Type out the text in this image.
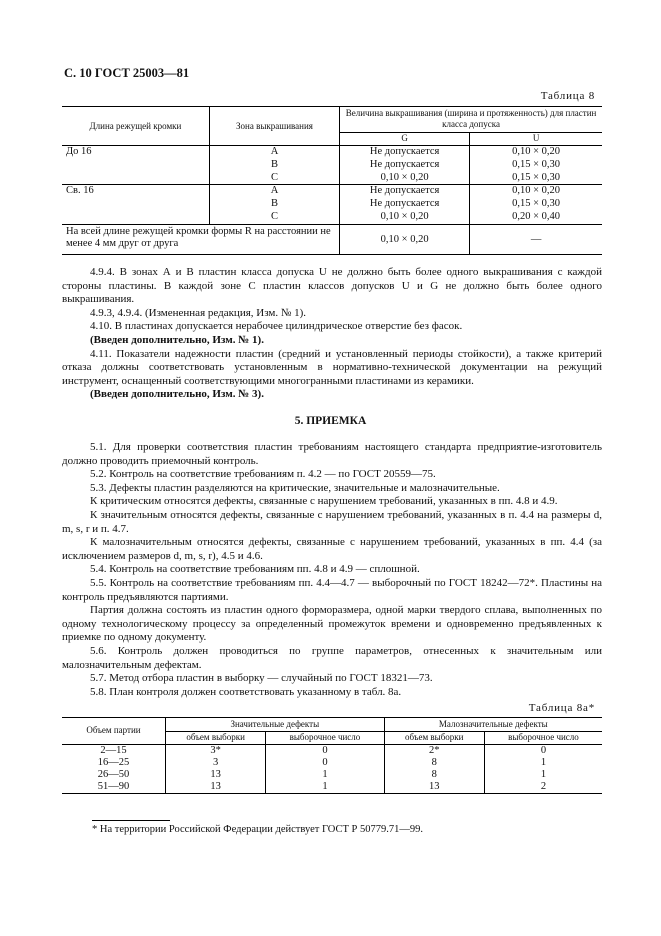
С. 10 ГОСТ 25003—81
Таблица 8
Длина режущей кромки	Зона выкрашивания	Величина выкрашивания (ширина и протяженность) для пластин класса допуска	
		G	U
До 16	А	Не допускается	0,10 × 0,20
	В	Не допускается	0,15 × 0,30
	С	0,10 × 0,20	0,15 × 0,30
Св. 16	А	Не допускается	0,10 × 0,20
	В	Не допускается	0,15 × 0,30
	С	0,10 × 0,20	0,20 × 0,40
На всей длине режущей кромки формы R на расстоянии не менее 4 мм друг от друга		0,10 × 0,20	—

4.9.4. В зонах А и В пластин класса допуска U не должно быть более одного выкрашивания с каждой стороны пластины. В каждой зоне С пластин классов допусков U и G не должно быть более одного выкрашивания.

4.9.3, 4.9.4. (Измененная редакция, Изм. № 1).

4.10. В пластинах допускается нерабочее цилиндрическое отверстие без фасок.

(Введен дополнительно, Изм. № 1).

4.11. Показатели надежности пластин (средний и установленный периоды стойкости), а также критерий отказа должны соответствовать установленным в нормативно-технической документации на режущий инструмент, оснащенный соответствующими многогранными пластинами из керамики.

(Введен дополнительно, Изм. № 3).

5. ПРИЕМКА

5.1. Для проверки соответствия пластин требованиям настоящего стандарта предприятие-изготовитель должно проводить приемочный контроль.

5.2. Контроль на соответствие требованиям п. 4.2 — по ГОСТ 20559—75.

5.3. Дефекты пластин разделяются на критические, значительные и малозначительные.

К критическим относятся дефекты, связанные с нарушением требований, указанных в пп. 4.8 и 4.9.

К значительным относятся дефекты, связанные с нарушением требований, указанных в п. 4.4 на размеры d, m, s, r и п. 4.7.

К малозначительным относятся дефекты, связанные с нарушением требований, указанных в пп. 4.4 (за исключением размеров d, m, s, r), 4.5 и 4.6.

5.4. Контроль на соответствие требованиям пп. 4.8 и 4.9 — сплошной.

5.5. Контроль на соответствие требованиям пп. 4.4—4.7 — выборочный по ГОСТ 18242—72*. Пластины на контроль предъявляются партиями.

Партия должна состоять из пластин одного форморазмера, одной марки твердого сплава, выполненных по одному технологическому процессу за определенный промежуток времени и одновременно предъявленных к приемке по одному документу.

5.6. Контроль должен проводиться по группе параметров, отнесенных к значительным или малозначительным дефектам.

5.7. Метод отбора пластин в выборку — случайный по ГОСТ 18321—73.

5.8. План контроля должен соответствовать указанному в табл. 8а.

Таблица 8а*
Объем партии	Значительные дефекты		Малозначительные дефекты	
	объем выборки	выборочное число	объем выборки	выборочное число
2—15	3*	0	2*	0
16—25	3	0	8	1
26—50	13	1	8	1
51—90	13	1	13	2
* На территории Российской Федерации действует ГОСТ Р 50779.71—99.
